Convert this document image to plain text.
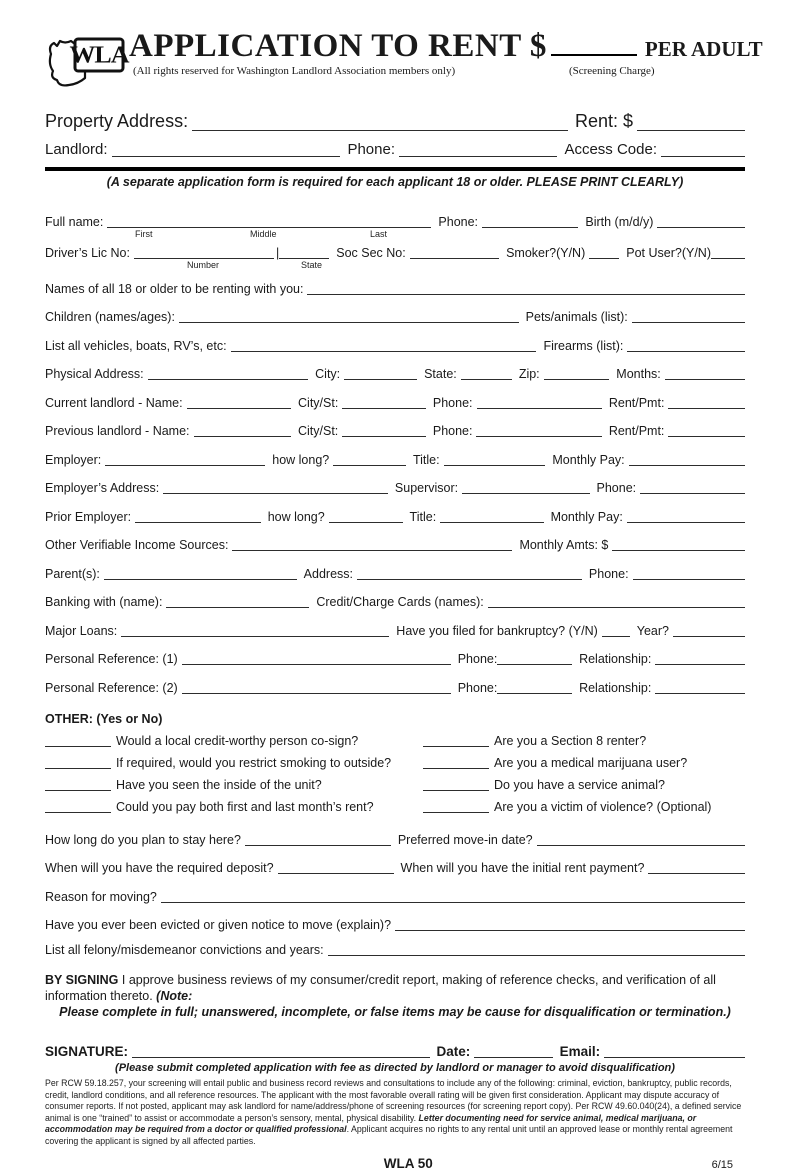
WLA APPLICATION TO RENT $	PER ADULT
(All rights reserved for Washington Landlord Association members only)	(Screening Charge)
Property Address:	Rent: $
Landlord:	Phone:	Access Code:
(A separate application form is required for each applicant 18 or older. PLEASE PRINT CLEARLY)
Full name:	Phone:	Birth (m/d/y)
First	Middle	Last
Driver’s Lic No:	|	Soc Sec No:	Smoker?(Y/N)	Pot User?(Y/N)
Number	State
Names of all 18 or older to be renting with you:
Children (names/ages):	Pets/animals (list):
List all vehicles, boats, RV’s, etc:	Firearms (list):
Physical Address:	City:	State:	Zip:	Months:
Current landlord - Name:	City/St:	Phone:	Rent/Pmt:
Previous landlord - Name:	City/St:	Phone:	Rent/Pmt:
Employer:	how long?	Title:	Monthly Pay:
Employer’s Address:	Supervisor:	Phone:
Prior Employer:	how long?	Title:	Monthly Pay:
Other Verifiable Income Sources:	Monthly Amts: $
Parent(s):	Address:	Phone:
Banking with (name):	Credit/Charge Cards (names):
Major Loans:	Have you filed for bankruptcy? (Y/N)	Year?
Personal Reference: (1)	Phone:	Relationship:
Personal Reference: (2)	Phone:	Relationship:
OTHER: (Yes or No)
Would a local credit-worthy person co-sign?
If required, would you restrict smoking to outside?
Have you seen the inside of the unit?
Could you pay both first and last month’s rent?
Are you a Section 8 renter?
Are you a medical marijuana user?
Do you have a service animal?
Are you a victim of violence? (Optional)
How long do you plan to stay here?	Preferred move-in date?
When will you have the required deposit?	When will you have the initial rent payment?
Reason for moving?
Have you ever been evicted or given notice to move (explain)?
List all felony/misdemeanor convictions and years:

BY SIGNING I approve business reviews of my consumer/credit report, making of reference checks, and verification of all information thereto. (Note:
Please complete in full; unanswered, incomplete, or false items may be cause for disqualification or termination.)

SIGNATURE:	Date:	Email:
(Please submit completed application with fee as directed by landlord or manager to avoid disqualification)

Per RCW 59.18.257, your screening will entail public and business record reviews and consultations to include any of the following: criminal, eviction, bankruptcy, public records, credit, landlord conditions, and all reference resources. The applicant with the most favorable overall rating will be given first consideration. Applicant may dispute accuracy of consumer reports. If not posted, applicant may ask landlord for name/address/phone of screening resources (for screening report copy). Per RCW 49.60.040(24), a defined service animal is one “trained” to assist or accommodate a person’s sensory, mental, physical disability. Letter documenting need for service animal, medical marijuana, or accommodation may be required from a doctor or qualified professional. Applicant acquires no rights to any rental unit until an approved lease or monthly rental agreement covering the applicant is signed by all affected parties.

WLA 50	6/15
